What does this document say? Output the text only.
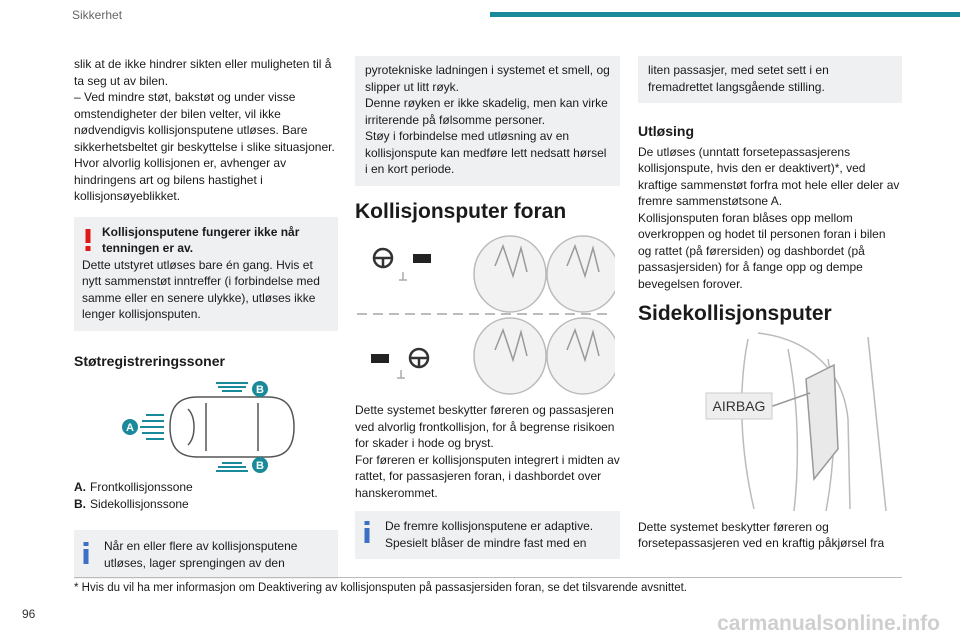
Sikkerhet

slik at de ikke hindrer sikten eller muligheten til å ta seg ut av bilen.

– Ved mindre støt, bakstøt og under visse omstendigheter der bilen velter, vil ikke nødvendigvis kollisjonsputene utløses. Bare sikkerhetsbeltet gir beskyttelse i slike situasjoner.

Hvor alvorlig kollisjonen er, avhenger av hindringens art og bilens hastighet i kollisjonsøyeblikket.

Kollisjonsputene fungerer ikke når tenningen er av.
Dette utstyret utløses bare én gang. Hvis et nytt sammenstøt inntreffer (i forbindelse med samme eller en senere ulykke), utløses ikke lenger kollisjonsputen.
Støtregistreringssoner
A
B
B
A. Frontkollisjonssone
B. Sidekollisjonssone
Når en eller flere av kollisjonsputene utløses, lager sprengingen av den

pyrotekniske ladningen i systemet et smell, og slipper ut litt røyk.

Denne røyken er ikke skadelig, men kan virke irriterende på følsomme personer.

Støy i forbindelse med utløsning av en kollisjonspute kan medføre lett nedsatt hørsel i en kort periode.

Kollisjonsputer foran

Dette systemet beskytter føreren og passasjeren ved alvorlig frontkollisjon, for å begrense risikoen for skader i hode og bryst.

For føreren er kollisjonsputen integrert i midten av rattet, for passasjeren foran, i dashbordet over hanskerommet.

De fremre kollisjonsputene er adaptive. Spesielt blåser de mindre fast med en

liten passasjer, med setet sett i en fremadrettet langsgående stilling.

Utløsing

De utløses (unntatt forsetepassasjerens kollisjonspute, hvis den er deaktivert)*, ved kraftige sammenstøt forfra mot hele eller deler av fremre sammenstøtsone A.

Kollisjonsputen foran blåses opp mellom overkroppen og hodet til personen foran i bilen og rattet (på førersiden) og dashbordet (på passasjersiden) for å fange opp og dempe bevegelsen forover.

Sidekollisjonsputer
AIRBAG

Dette systemet beskytter føreren og forsetepassasjeren ved en kraftig påkjørsel fra

* Hvis du vil ha mer informasjon om Deaktivering av kollisjonsputen på passasjersiden foran, se det tilsvarende avsnittet.
96	carmanualsonline.info
